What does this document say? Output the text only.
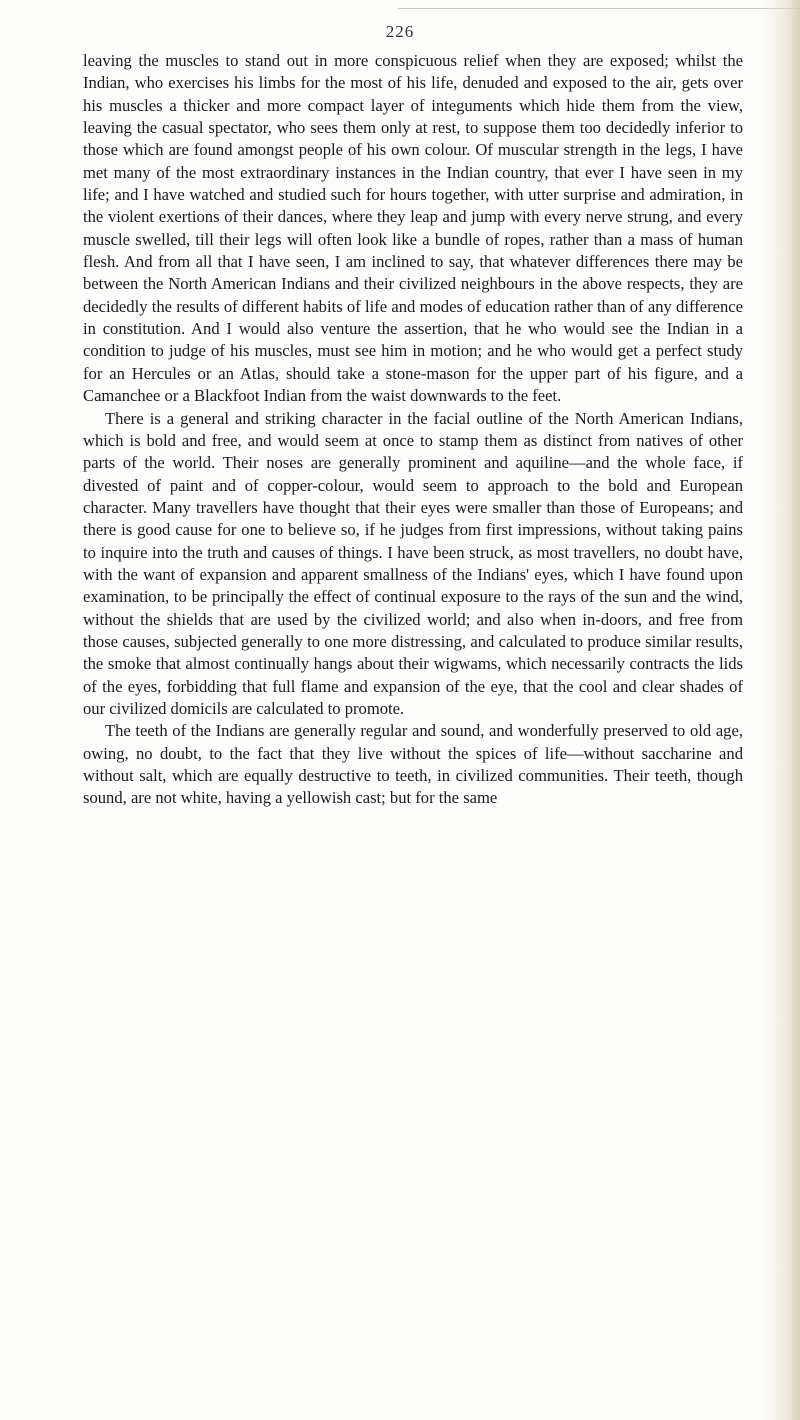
226

leaving the muscles to stand out in more conspicuous relief when they are exposed; whilst the Indian, who exercises his limbs for the most of his life, denuded and exposed to the air, gets over his muscles a thicker and more compact layer of integuments which hide them from the view, leaving the casual spectator, who sees them only at rest, to suppose them too decidedly inferior to those which are found amongst people of his own colour. Of muscular strength in the legs, I have met many of the most extraordinary instances in the Indian country, that ever I have seen in my life; and I have watched and studied such for hours together, with utter surprise and admiration, in the violent exertions of their dances, where they leap and jump with every nerve strung, and every muscle swelled, till their legs will often look like a bundle of ropes, rather than a mass of human flesh. And from all that I have seen, I am inclined to say, that whatever differences there may be between the North American Indians and their civilized neighbours in the above respects, they are decidedly the results of different habits of life and modes of education rather than of any difference in constitution. And I would also venture the assertion, that he who would see the Indian in a condition to judge of his muscles, must see him in motion; and he who would get a perfect study for an Hercules or an Atlas, should take a stone-mason for the upper part of his figure, and a Camanchee or a Blackfoot Indian from the waist downwards to the feet.

There is a general and striking character in the facial outline of the North American Indians, which is bold and free, and would seem at once to stamp them as distinct from natives of other parts of the world. Their noses are generally prominent and aquiline—and the whole face, if divested of paint and of copper-colour, would seem to approach to the bold and European character. Many travellers have thought that their eyes were smaller than those of Europeans; and there is good cause for one to believe so, if he judges from first impressions, without taking pains to inquire into the truth and causes of things. I have been struck, as most travellers, no doubt have, with the want of expansion and apparent smallness of the Indians' eyes, which I have found upon examination, to be principally the effect of continual exposure to the rays of the sun and the wind, without the shields that are used by the civilized world; and also when in-doors, and free from those causes, subjected generally to one more distressing, and calculated to produce similar results, the smoke that almost continually hangs about their wigwams, which necessarily contracts the lids of the eyes, forbidding that full flame and expansion of the eye, that the cool and clear shades of our civilized domicils are calculated to promote.

The teeth of the Indians are generally regular and sound, and wonderfully preserved to old age, owing, no doubt, to the fact that they live without the spices of life—without saccharine and without salt, which are equally destructive to teeth, in civilized communities. Their teeth, though sound, are not white, having a yellowish cast; but for the same
